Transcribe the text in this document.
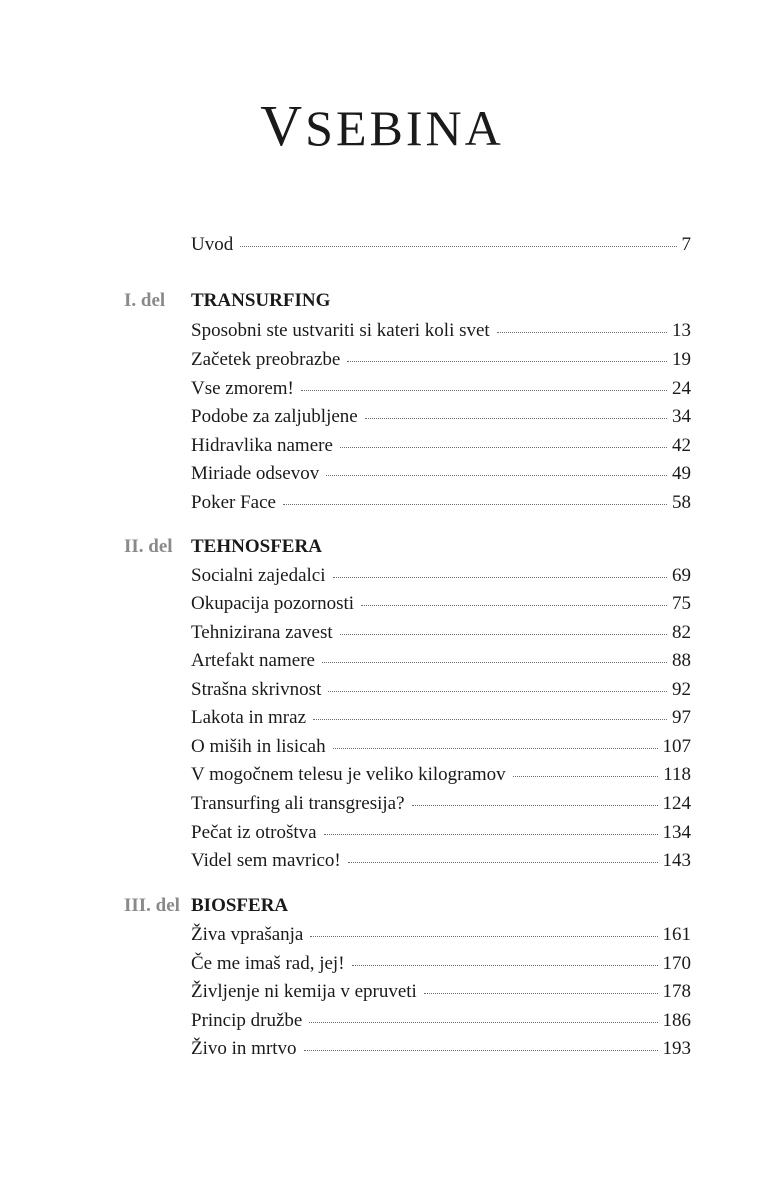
VSEBINA
Uvod	7
I. del	TRANSURFING
Sposobni ste ustvariti si kateri koli svet	13
Začetek preobrazbe	19
Vse zmorem!	24
Podobe za zaljubljene	34
Hidravlika namere	42
Miriade odsevov	49
Poker Face	58
II. del TEHNOSFERA
Socialni zajedalci	69
Okupacija pozornosti	75
Tehnizirana zavest	82
Artefakt namere	88
Strašna skrivnost	92
Lakota in mraz	97
O miših in lisicah	107
V mogočnem telesu je veliko kilogramov	118
Transurfing ali transgresija?	124
Pečat iz otroštva	134
Videl sem mavrico!	143
III. del BIOSFERA
Živa vprašanja	161
Če me imaš rad, jej!	170
Življenje ni kemija v epruveti	178
Princip družbe	186
Živo in mrtvo	193
